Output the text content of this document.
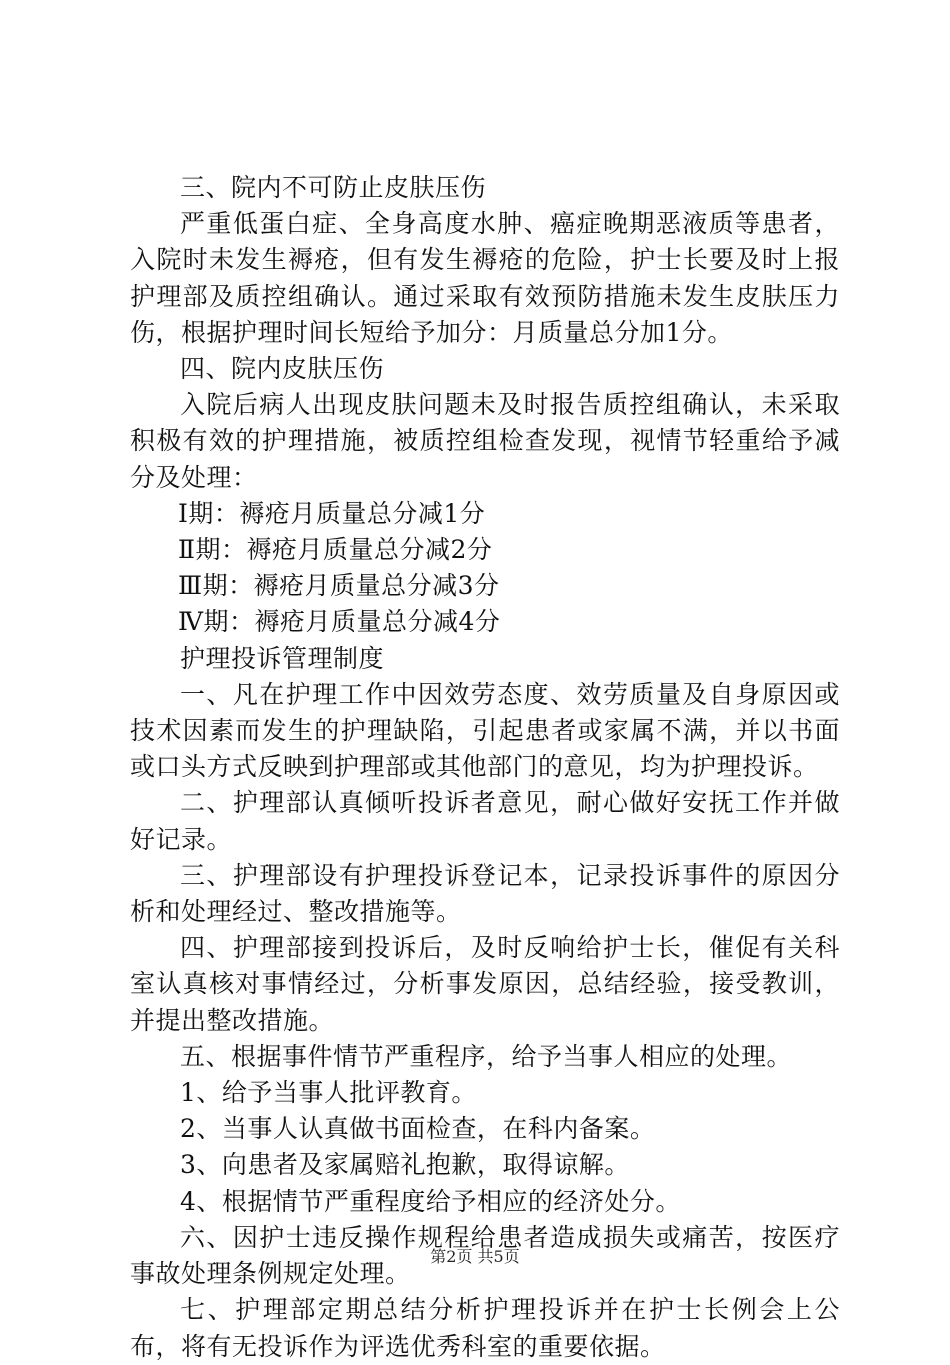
三、院内不可防止皮肤压伤

严重低蛋白症、全身高度水肿、癌症晚期恶液质等患者，入院时未发生褥疮，但有发生褥疮的危险，护士长要及时上报护理部及质控组确认。通过采取有效预防措施未发生皮肤压力伤，根据护理时间长短给予加分：月质量总分加1分。

四、院内皮肤压伤

入院后病人出现皮肤问题未及时报告质控组确认，未采取积极有效的护理措施，被质控组检查发现，视情节轻重给予减分及处理：

Ⅰ期：褥疮月质量总分减1分

Ⅱ期：褥疮月质量总分减2分

Ⅲ期：褥疮月质量总分减3分

Ⅳ期：褥疮月质量总分减4分

护理投诉管理制度

一、凡在护理工作中因效劳态度、效劳质量及自身原因或技术因素而发生的护理缺陷，引起患者或家属不满，并以书面或口头方式反映到护理部或其他部门的意见，均为护理投诉。

二、护理部认真倾听投诉者意见，耐心做好安抚工作并做好记录。

三、护理部设有护理投诉登记本，记录投诉事件的原因分析和处理经过、整改措施等。

四、护理部接到投诉后，及时反响给护士长，催促有关科室认真核对事情经过，分析事发原因，总结经验，接受教训，并提出整改措施。

五、根据事件情节严重程序，给予当事人相应的处理。

1、给予当事人批评教育。

2、当事人认真做书面检查，在科内备案。

3、向患者及家属赔礼抱歉，取得谅解。

4、根据情节严重程度给予相应的经济处分。

六、因护士违反操作规程给患者造成损失或痛苦，按医疗事故处理条例规定处理。

七、护理部定期总结分析护理投诉并在护士长例会上公布，将有无投诉作为评选优秀科室的重要依据。

第2页 共5页
